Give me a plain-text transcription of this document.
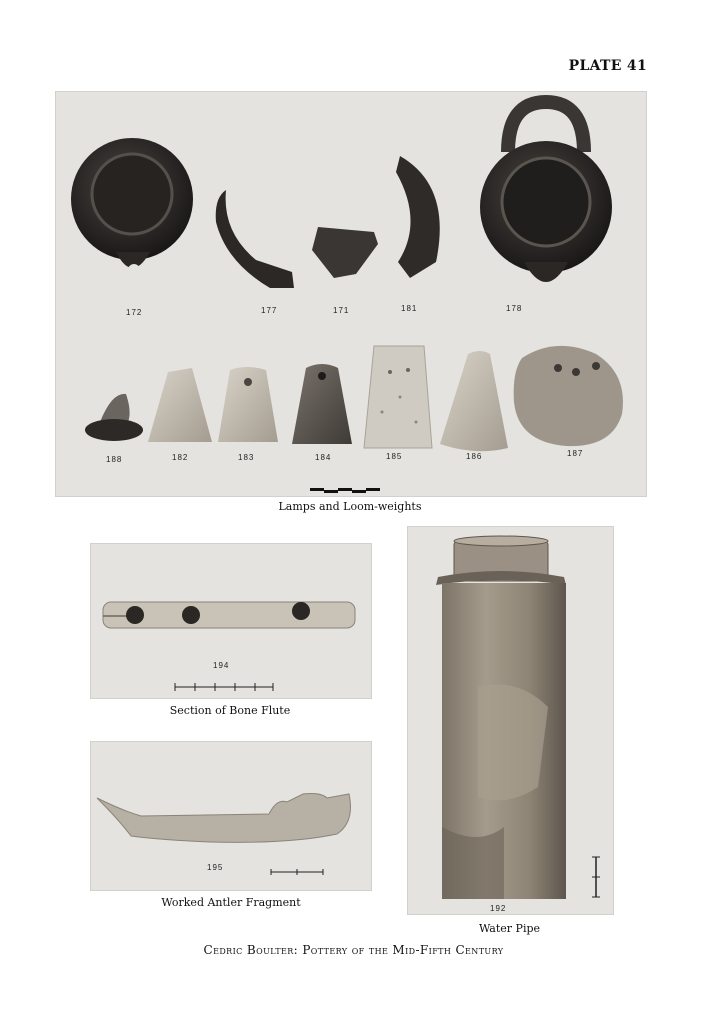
PLATE 41
172	177	171	181	178
188	182	183	184	185	186	187
Lamps and Loom-weights
194
Section of Bone Flute
195
Worked Antler Fragment	192
Water Pipe
Cedric Boulter: Pottery of the Mid-Fifth Century
